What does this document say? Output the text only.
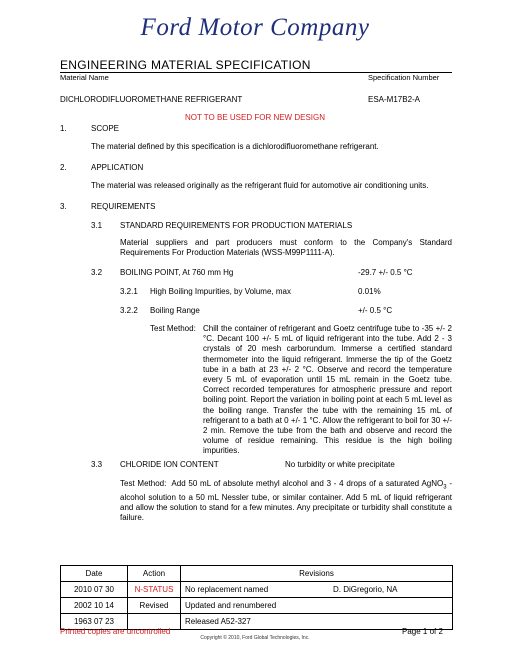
Ford Motor Company
ENGINEERING MATERIAL SPECIFICATION
Material Name	Specification Number
DICHLORODIFLUOROMETHANE REFRIGERANT	ESA-M17B2-A
NOT TO BE USED FOR NEW DESIGN
1.	SCOPE
The material defined by this specification is a dichlorodifluoromethane refrigerant.
2.	APPLICATION
The material was released originally as the refrigerant fluid for automotive air conditioning units.
3.	REQUIREMENTS
3.1 STANDARD REQUIREMENTS FOR PRODUCTION MATERIALS
Material suppliers and part producers must conform to the Company's Standard Requirements For Production Materials (WSS-M99P1111-A).
3.2 BOILING POINT, At 760 mm Hg	-29.7 +/- 0.5 °C
3.2.1 High Boiling Impurities, by Volume, max	0.01%
3.2.2 Boiling Range	+/- 0.5 °C
Test Method: Chill the container of refrigerant and Goetz centrifuge tube to -35 +/- 2 °C. Decant 100 +/- 5 mL of liquid refrigerant into the tube. Add 2 - 3 crystals of 20 mesh carborundum. Immerse a certified standard thermometer into the liquid refrigerant. Immerse the tip of the Goetz tube in a bath at 23 +/- 2 °C. Observe and record the temperature every 5 mL of evaporation until 15 mL remain in the Goetz tube. Correct recorded temperatures for atmospheric pressure and report boiling point. Report the variation in boiling point at each 5 mL level as the boiling range. Transfer the tube with the remaining 15 mL of refrigerant to a bath at 0 +/- 1 °C. Allow the refrigerant to boil for 30 +/- 2 min. Remove the tube from the bath and observe and record the volume of residue remaining. This residue is the high boiling impurities.
3.3 CHLORIDE ION CONTENT	No turbidity or white precipitate
Test Method: Add 50 mL of absolute methyl alcohol and 3 - 4 drops of a saturated AgNO$_3$ - alcohol solution to a 50 mL Nessler tube, or similar container. Add 5 mL of liquid refrigerant and allow the solution to stand for a few minutes. Any precipitate or turbidity shall constitute a failure.
Date	Action	Revisions	
2010 07 30	N-STATUS	No replacement named	D. DiGregorio, NA
2002 10 14	Revised	Updated and renumbered	
1963 07 23		Released A52-327	
Printed copies are uncontrolled	Page 1 of 2
Copyright © 2010, Ford Global Technologies, Inc.
